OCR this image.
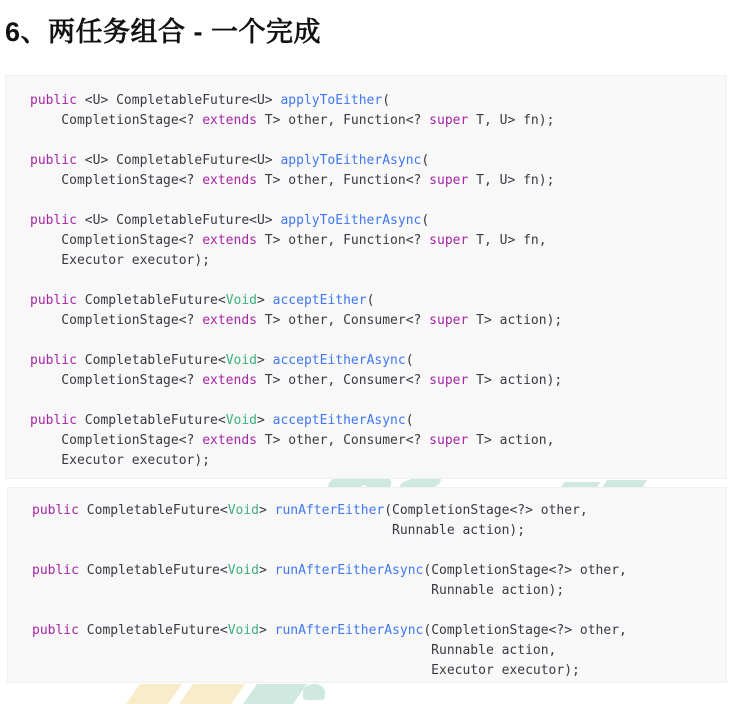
6、两任务组合 - 一个完成
public <U> CompletableFuture<U> applyToEither(
CompletionStage<? extends T> other, Function<? super T, U> fn);

public <U> CompletableFuture<U> applyToEitherAsync(
CompletionStage<? extends T> other, Function<? super T, U> fn);

public <U> CompletableFuture<U> applyToEitherAsync(
CompletionStage<? extends T> other, Function<? super T, U> fn,
Executor executor);

public CompletableFuture<Void> acceptEither(
CompletionStage<? extends T> other, Consumer<? super T> action);

public CompletableFuture<Void> acceptEitherAsync(
CompletionStage<? extends T> other, Consumer<? super T> action);

public CompletableFuture<Void> acceptEitherAsync(
CompletionStage<? extends T> other, Consumer<? super T> action,
Executor executor);
public CompletableFuture<Void> runAfterEither(CompletionStage<?> other,
Runnable action);

public CompletableFuture<Void> runAfterEitherAsync(CompletionStage<?> other,
Runnable action);

public CompletableFuture<Void> runAfterEitherAsync(CompletionStage<?> other,
Runnable action,
Executor executor);
